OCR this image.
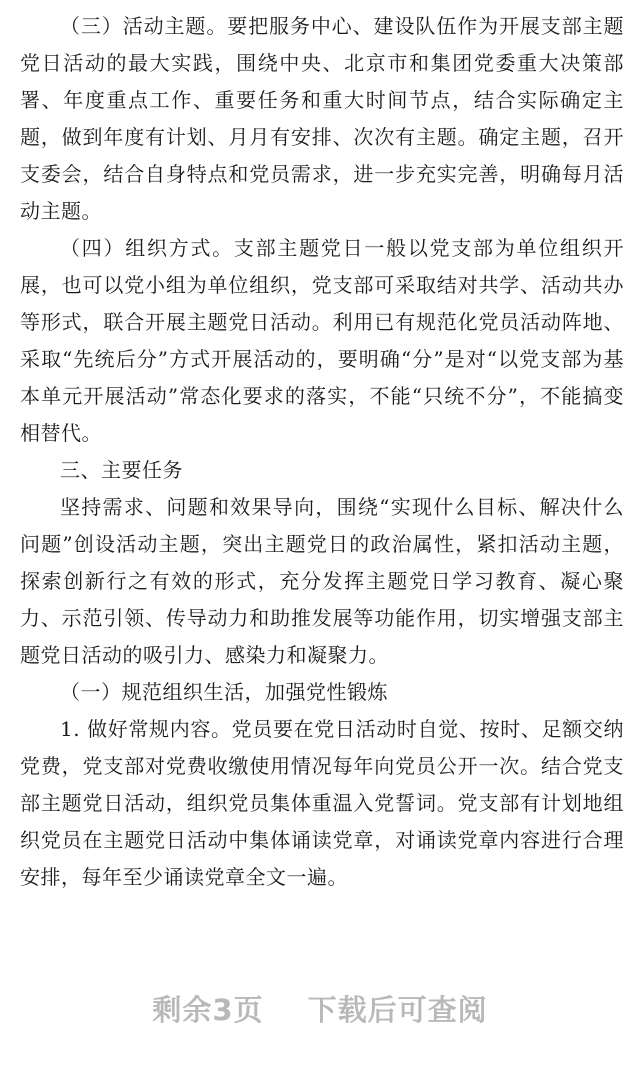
（三）活动主题。要把服务中心、建设队伍作为开展支部主题党日活动的最大实践，围绕中央、北京市和集团党委重大决策部署、年度重点工作、重要任务和重大时间节点，结合实际确定主题，做到年度有计划、月月有安排、次次有主题。确定主题，召开支委会，结合自身特点和党员需求，进一步充实完善，明确每月活动主题。

（四）组织方式。支部主题党日一般以党支部为单位组织开展，也可以党小组为单位组织，党支部可采取结对共学、活动共办等形式，联合开展主题党日活动。利用已有规范化党员活动阵地、采取“先统后分”方式开展活动的，要明确“分”是对“以党支部为基本单元开展活动”常态化要求的落实，不能“只统不分”，不能搞变相替代。

三、主要任务

坚持需求、问题和效果导向，围绕“实现什么目标、解决什么问题”创设活动主题，突出主题党日的政治属性，紧扣活动主题，探索创新行之有效的形式，充分发挥主题党日学习教育、凝心聚力、示范引领、传导动力和助推发展等功能作用，切实增强支部主题党日活动的吸引力、感染力和凝聚力。

（一）规范组织生活，加强党性锻炼

1. 做好常规内容。党员要在党日活动时自觉、按时、足额交纳党费，党支部对党费收缴使用情况每年向党员公开一次。结合党支部主题党日活动，组织党员集体重温入党誓词。党支部有计划地组织党员在主题党日活动中集体诵读党章，对诵读党章内容进行合理安排，每年至少诵读党章全文一遍。

剩余3页 下载后可查阅
